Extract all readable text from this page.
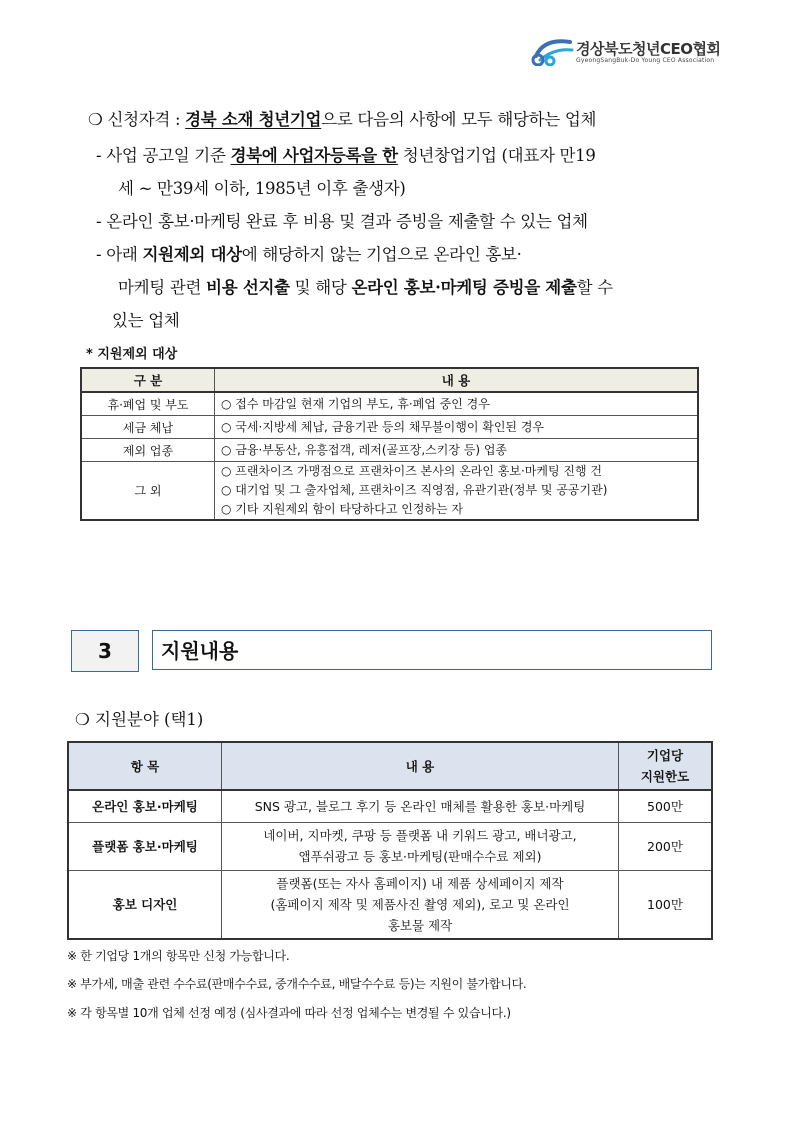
경상북도청년CEO협회
GyeongSangBuk-Do Young CEO Association
❍ 신청자격 : 경북 소재 청년기업으로 다음의 사항에 모두 해당하는 업체
- 사업 공고일 기준 경북에 사업자등록을 한 청년창업기업 (대표자 만19
세 ~ 만39세 이하, 1985년 이후 출생자)
- 온라인 홍보·마케팅 완료 후 비용 및 결과 증빙을 제출할 수 있는 업체
- 아래 지원제외 대상에 해당하지 않는 기업으로 온라인 홍보·
마케팅 관련 비용 선지출 및 해당 온라인 홍보·마케팅 증빙을 제출할 수
있는 업체
* 지원제외 대상
구 분	내 용
휴·폐업 및 부도	○ 접수 마감일 현재 기업의 부도, 휴·폐업 중인 경우

세금 체납	○ 국세·지방세 체납, 금융기관 등의 채무불이행이 확인된 경우

제외 업종	○ 금융·부동산, 유흥접객, 레저(골프장,스키장 등) 업종

그 외	○ 프랜차이즈 가맹점으로 프랜차이즈 본사의 온라인 홍보·마케팅 진행 건
○ 대기업 및 그 출자업체, 프랜차이즈 직영점, 유관기관(정부 및 공공기관)
○ 기타 지원제외 함이 타당하다고 인정하는 자
3	지원내용
❍ 지원분야 (택1)
항 목	내 용	기업당
지원한도

온라인 홍보·마케팅	SNS 광고, 블로그 후기 등 온라인 매체를 활용한 홍보·마케팅	500만
플랫폼 홍보·마케팅	네이버, 지마켓, 쿠팡 등 플랫폼 내 키워드 광고, 배너광고,
앱푸쉬광고 등 홍보·마케팅(판매수수료 제외)	200만
홍보 디자인	플랫폼(또는 자사 홈페이지) 내 제품 상세페이지 제작
(홈페이지 제작 및 제품사진 촬영 제외), 로고 및 온라인
홍보물 제작	100만
※ 한 기업당 1개의 항목만 신청 가능합니다.
※ 부가세, 매출 관련 수수료(판매수수료, 중개수수료, 배달수수료 등)는 지원이 불가합니다.
※ 각 항목별 10개 업체 선정 예정 (심사결과에 따라 선정 업체수는 변경될 수 있습니다.)
